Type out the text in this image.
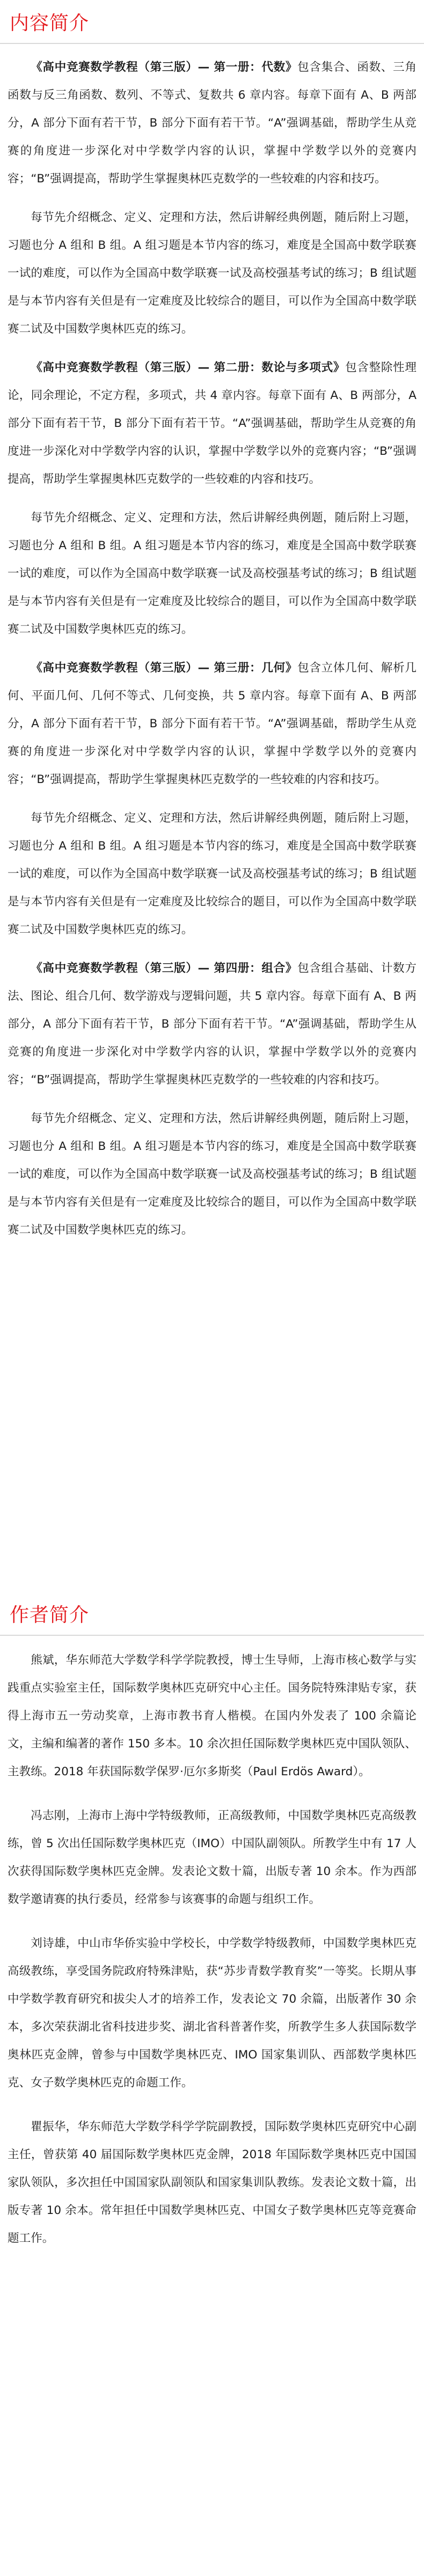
内容简介

《高中竞赛数学教程（第三版）— 第一册：代数》包含集合、函数、三角函数与反三角函数、数列、不等式、复数共 6 章内容。每章下面有 A、B 两部分，A 部分下面有若干节，B 部分下面有若干节。“A”强调基础，帮助学生从竞赛的角度进一步深化对中学数学内容的认识，掌握中学数学以外的竞赛内容；“B”强调提高，帮助学生掌握奥林匹克数学的一些较难的内容和技巧。

每节先介绍概念、定义、定理和方法，然后讲解经典例题，随后附上习题，习题也分 A 组和 B 组。A 组习题是本节内容的练习，难度是全国高中数学联赛一试的难度，可以作为全国高中数学联赛一试及高校强基考试的练习；B 组试题是与本节内容有关但是有一定难度及比较综合的题目，可以作为全国高中数学联赛二试及中国数学奥林匹克的练习。

《高中竞赛数学教程（第三版）— 第二册：数论与多项式》包含整除性理论，同余理论，不定方程，多项式，共 4 章内容。每章下面有 A、B 两部分，A 部分下面有若干节，B 部分下面有若干节。“A”强调基础，帮助学生从竞赛的角度进一步深化对中学数学内容的认识，掌握中学数学以外的竞赛内容；“B”强调提高，帮助学生掌握奥林匹克数学的一些较难的内容和技巧。

每节先介绍概念、定义、定理和方法，然后讲解经典例题，随后附上习题，习题也分 A 组和 B 组。A 组习题是本节内容的练习，难度是全国高中数学联赛一试的难度，可以作为全国高中数学联赛一试及高校强基考试的练习；B 组试题是与本节内容有关但是有一定难度及比较综合的题目，可以作为全国高中数学联赛二试及中国数学奥林匹克的练习。

《高中竞赛数学教程（第三版）— 第三册：几何》包含立体几何、解析几何、平面几何、几何不等式、几何变换，共 5 章内容。每章下面有 A、B 两部分，A 部分下面有若干节，B 部分下面有若干节。“A”强调基础，帮助学生从竞赛的角度进一步深化对中学数学内容的认识，掌握中学数学以外的竞赛内容；“B”强调提高，帮助学生掌握奥林匹克数学的一些较难的内容和技巧。

每节先介绍概念、定义、定理和方法，然后讲解经典例题，随后附上习题，习题也分 A 组和 B 组。A 组习题是本节内容的练习，难度是全国高中数学联赛一试的难度，可以作为全国高中数学联赛一试及高校强基考试的练习；B 组试题是与本节内容有关但是有一定难度及比较综合的题目，可以作为全国高中数学联赛二试及中国数学奥林匹克的练习。

《高中竞赛数学教程（第三版）— 第四册：组合》包含组合基础、计数方法、图论、组合几何、数学游戏与逻辑问题，共 5 章内容。每章下面有 A、B 两部分，A 部分下面有若干节，B 部分下面有若干节。“A”强调基础，帮助学生从竞赛的角度进一步深化对中学数学内容的认识，掌握中学数学以外的竞赛内容；“B”强调提高，帮助学生掌握奥林匹克数学的一些较难的内容和技巧。

每节先介绍概念、定义、定理和方法，然后讲解经典例题，随后附上习题，习题也分 A 组和 B 组。A 组习题是本节内容的练习，难度是全国高中数学联赛一试的难度，可以作为全国高中数学联赛一试及高校强基考试的练习；B 组试题是与本节内容有关但是有一定难度及比较综合的题目，可以作为全国高中数学联赛二试及中国数学奥林匹克的练习。

作者简介

熊斌，华东师范大学数学科学学院教授，博士生导师，上海市核心数学与实践重点实验室主任，国际数学奥林匹克研究中心主任。国务院特殊津贴专家，获得上海市五一劳动奖章，上海市教书育人楷模。在国内外发表了 100 余篇论文，主编和编著的著作 150 多本。10 余次担任国际数学奥林匹克中国队领队、主教练。2018 年获国际数学保罗·厄尔多斯奖（Paul Erdös Award）。

冯志刚，上海市上海中学特级教师，正高级教师，中国数学奥林匹克高级教练，曾 5 次出任国际数学奥林匹克（IMO）中国队副领队。所教学生中有 17 人次获得国际数学奥林匹克金牌。发表论文数十篇，出版专著 10 余本。作为西部数学邀请赛的执行委员，经常参与该赛事的命题与组织工作。

刘诗雄，中山市华侨实验中学校长，中学数学特级教师，中国数学奥林匹克高级教练，享受国务院政府特殊津贴，获“苏步青数学教育奖”一等奖。长期从事中学数学教育研究和拔尖人才的培养工作，发表论文 70 余篇，出版著作 30 余本，多次荣获湖北省科技进步奖、湖北省科普著作奖，所教学生多人获国际数学奥林匹克金牌，曾参与中国数学奥林匹克、IMO 国家集训队、西部数学奥林匹克、女子数学奥林匹克的命题工作。

瞿振华，华东师范大学数学科学学院副教授，国际数学奥林匹克研究中心副主任，曾获第 40 届国际数学奥林匹克金牌，2018 年国际数学奥林匹克中国国家队领队，多次担任中国国家队副领队和国家集训队教练。发表论文数十篇，出版专著 10 余本。常年担任中国数学奥林匹克、中国女子数学奥林匹克等竞赛命题工作。
